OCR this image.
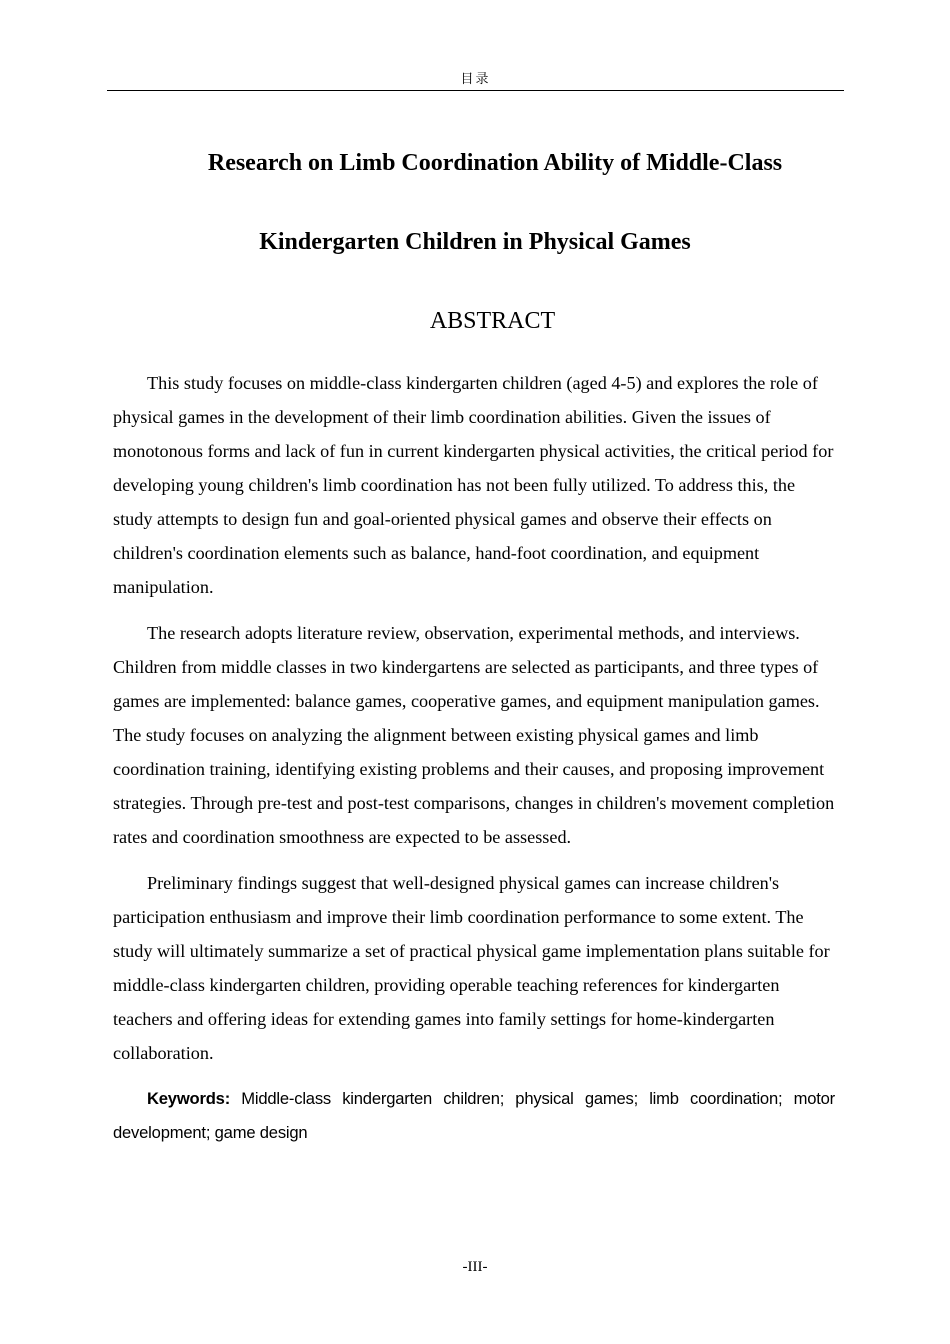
目录
Research on Limb Coordination Ability of Middle-Class
Kindergarten Children in Physical Games
ABSTRACT

This study focuses on middle-class kindergarten children (aged 4-5) and explores the role of physical games in the development of their limb coordination abilities. Given the issues of monotonous forms and lack of fun in current kindergarten physical activities, the critical period for developing young children's limb coordination has not been fully utilized. To address this, the study attempts to design fun and goal-oriented physical games and observe their effects on children's coordination elements such as balance, hand-foot coordination, and equipment manipulation.

The research adopts literature review, observation, experimental methods, and interviews. Children from middle classes in two kindergartens are selected as participants, and three types of games are implemented: balance games, cooperative games, and equipment manipulation games. The study focuses on analyzing the alignment between existing physical games and limb coordination training, identifying existing problems and their causes, and proposing improvement strategies. Through pre-test and post-test comparisons, changes in children's movement completion rates and coordination smoothness are expected to be assessed.

Preliminary findings suggest that well-designed physical games can increase children's participation enthusiasm and improve their limb coordination performance to some extent. The study will ultimately summarize a set of practical physical game implementation plans suitable for middle-class kindergarten children, providing operable teaching references for kindergarten teachers and offering ideas for extending games into family settings for home-kindergarten collaboration.

Keywords: Middle-class kindergarten children; physical games; limb coordination; motor development; game design

-III-
